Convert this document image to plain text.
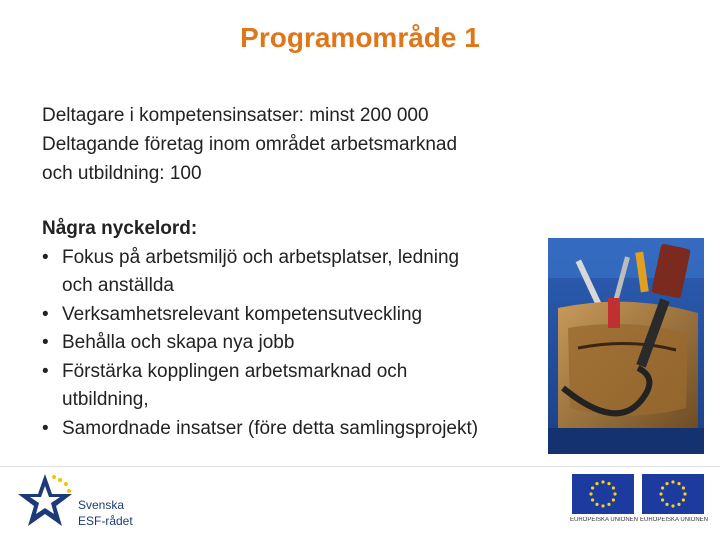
Programområde 1

Deltagare i kompetensinsatser: minst 200 000

Deltagande företag inom området arbetsmarknad

och utbildning: 100

Några nyckelord:

• Fokus på arbetsmiljö och arbetsplatser, ledning
och anställda
• Verksamhetsrelevant kompetensutveckling
• Behålla och skapa nya jobb
• Förstärka kopplingen arbetsmarknad och
utbildning,
• Samordnade insatser (före detta samlingsprojekt)
Svenska
ESF-rådet	EUROPEISKA UNIONEN EUROPEISKA UNIONEN
